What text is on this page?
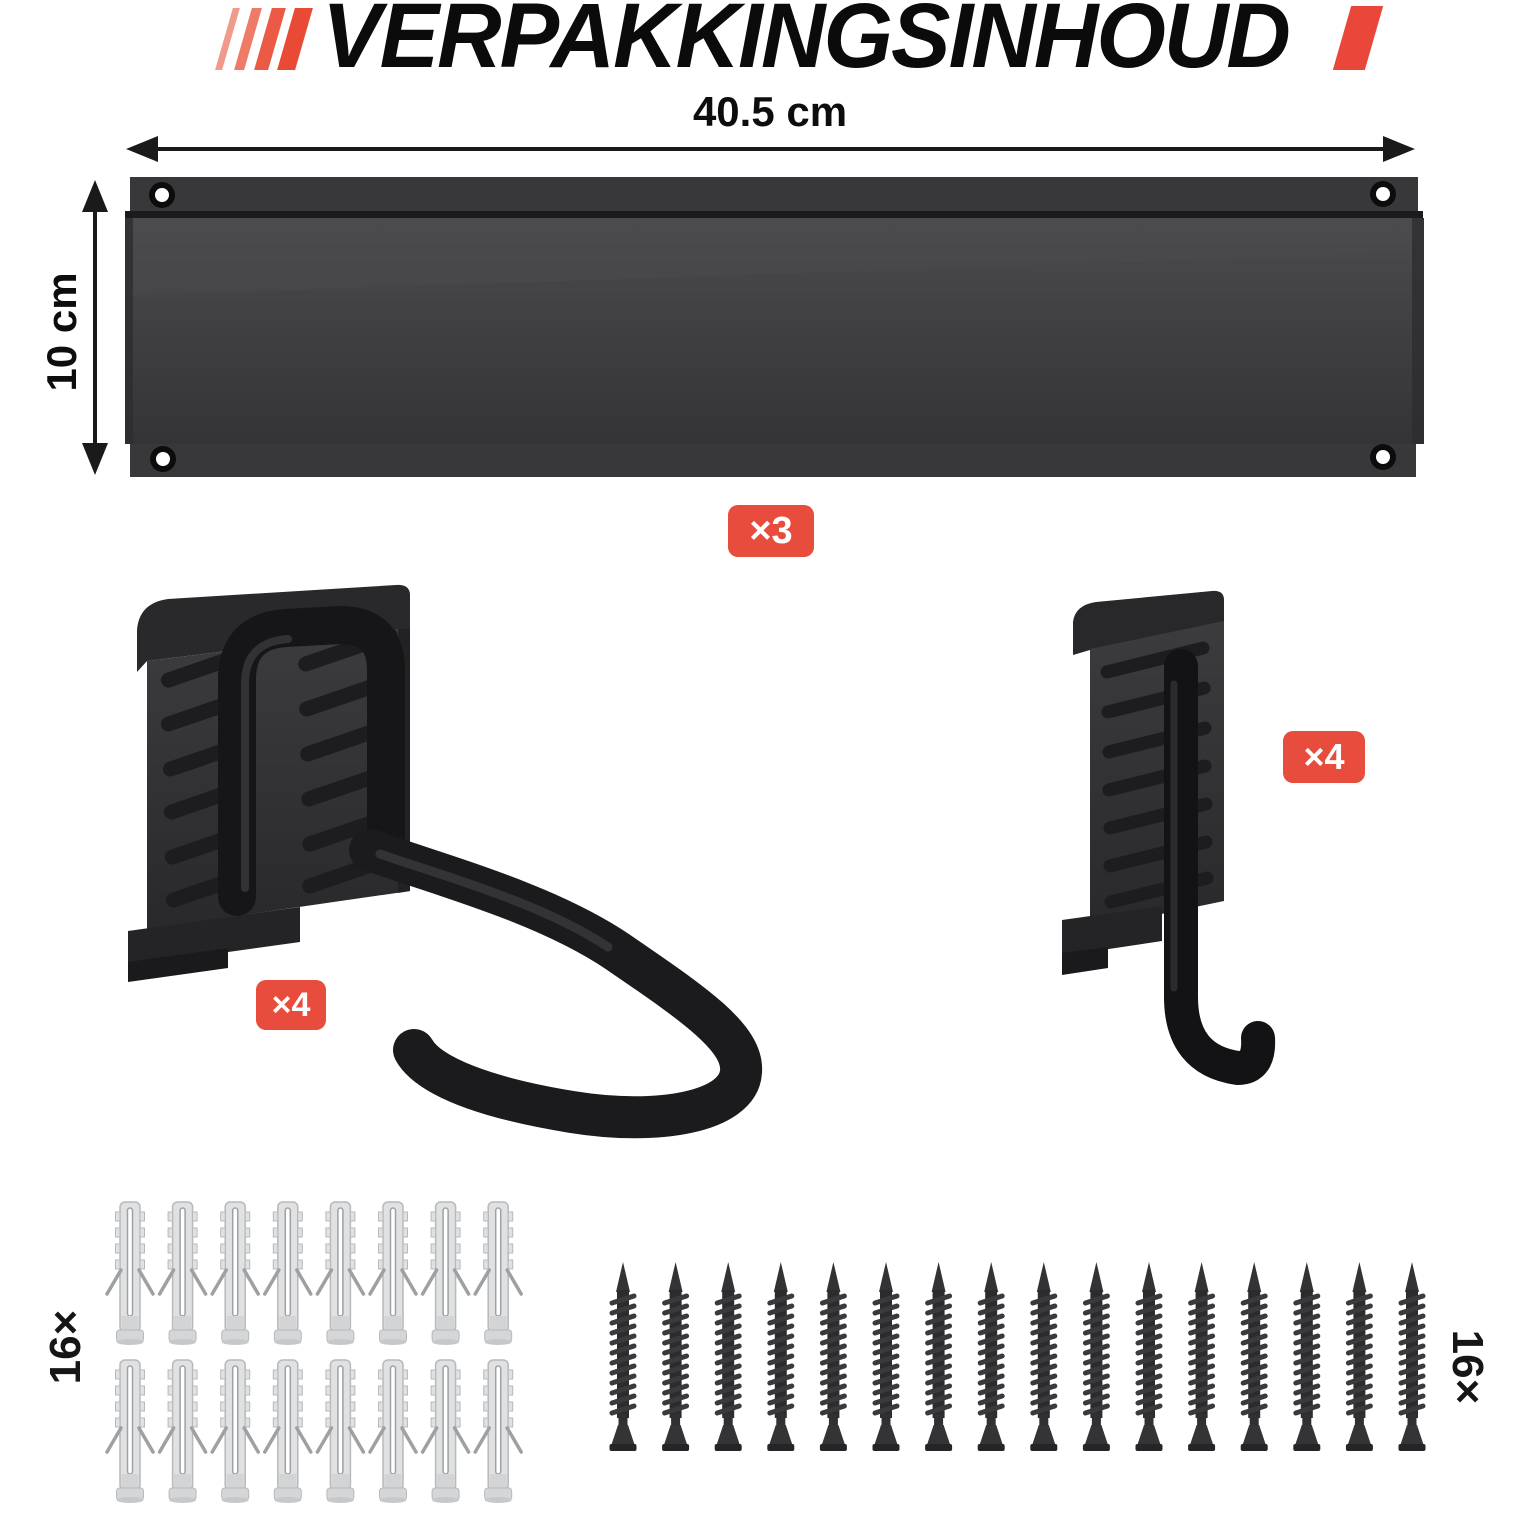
VERPAKKINGSINHOUD
40.5 cm
10 cm
×3
×4
×4
16×	16×
